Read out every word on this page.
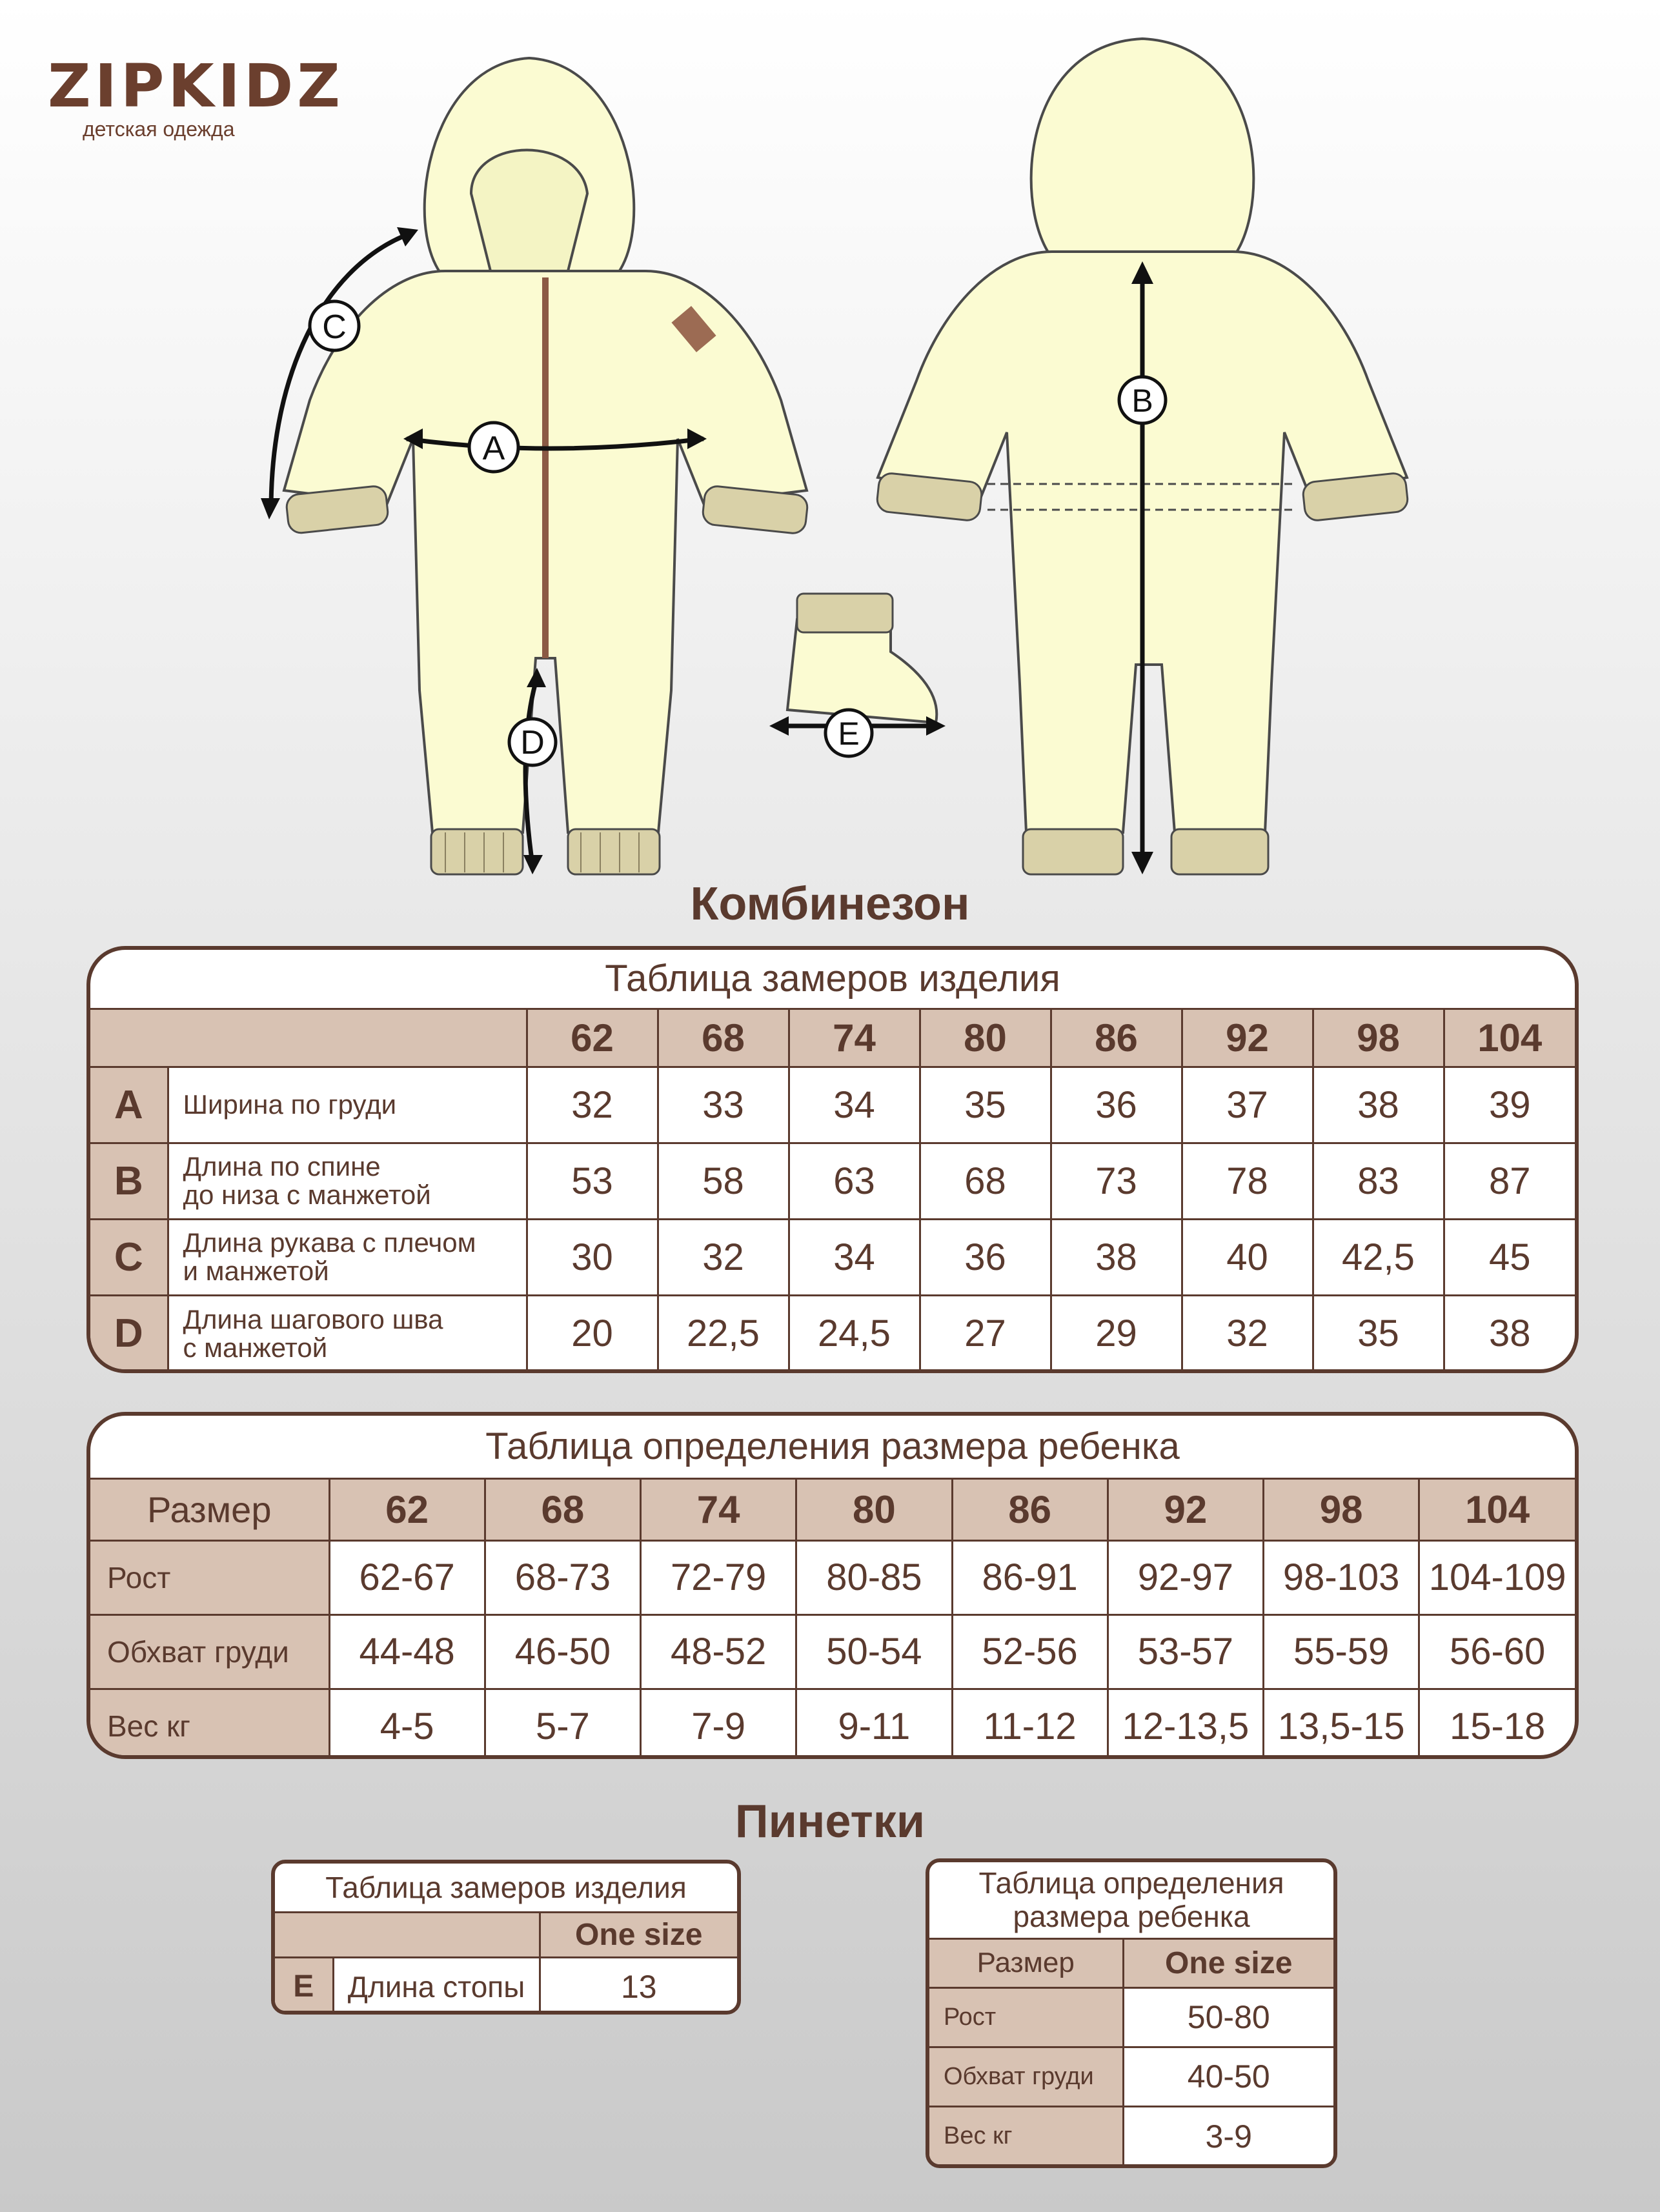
ZIPKIDZ
детская одежда
A
C
D	E
B
Комбинезон
Таблица замеров изделия
		62	68	74	80	86	92	98	104
A	Ширина по груди	32	33	34	35	36	37	38	39
B	Длина по спине
до низа с манжетой	53	58	63	68	73	78	83	87
C	Длина рукава с плечом
и манжетой	30	32	34	36	38	40	42,5	45
D	Длина шагового шва
с манжетой	20	22,5	24,5	27	29	32	35	38
Таблица определения размера ребенка
Размер	62	68	74	80	86	92	98	104
Рост	62-67	68-73	72-79	80-85	86-91	92-97	98-103	104-109
Обхват груди	44-48	46-50	48-52	50-54	52-56	53-57	55-59	56-60
Вес кг	4-5	5-7	7-9	9-11	11-12	12-13,5	13,5-15	15-18
Пинетки
Таблица замеров изделия
		One size
E	Длина стопы	13
Таблица определения
размера ребенка
Размер	One size
Рост	50-80
Обхват груди	40-50
Вес кг	3-9
